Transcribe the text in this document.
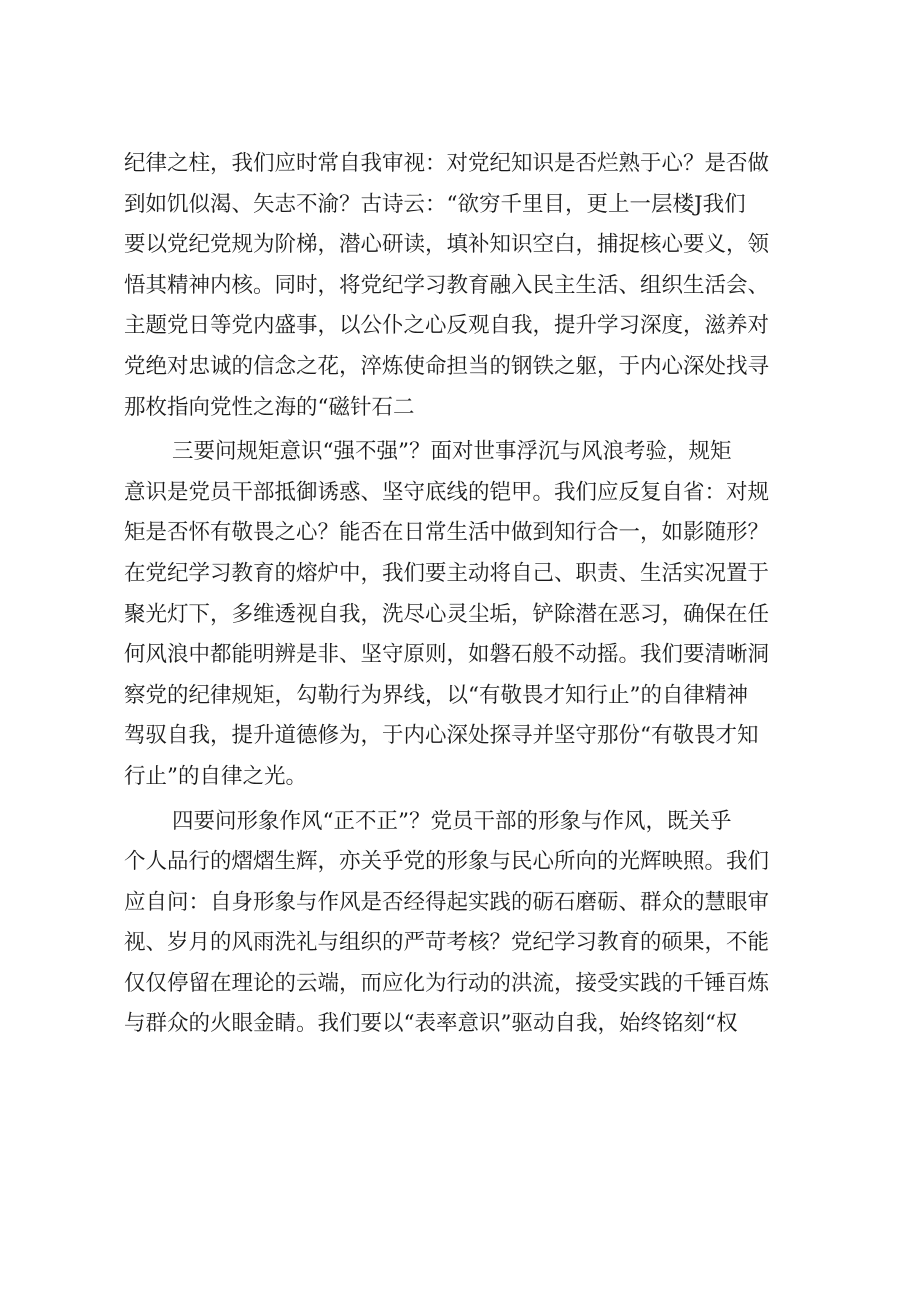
纪律之柱，我们应时常自我审视：对党纪知识是否烂熟于心？是否做
到如饥似渴、矢志不渝？古诗云：“欲穷千里目，更上一层楼J我们
要以党纪党规为阶梯，潜心研读，填补知识空白，捕捉核心要义，领
悟其精神内核。同时，将党纪学习教育融入民主生活、组织生活会、
主题党日等党内盛事，以公仆之心反观自我，提升学习深度，滋养对
党绝对忠诚的信念之花，淬炼使命担当的钢铁之躯，于内心深处找寻
那枚指向党性之海的“磁针石二
三要问规矩意识“强不强”？面对世事浮沉与风浪考验，规矩
意识是党员干部抵御诱惑、坚守底线的铠甲。我们应反复自省：对规
矩是否怀有敬畏之心？能否在日常生活中做到知行合一，如影随形？
在党纪学习教育的熔炉中，我们要主动将自己、职责、生活实况置于
聚光灯下，多维透视自我，洗尽心灵尘垢，铲除潜在恶习，确保在任
何风浪中都能明辨是非、坚守原则，如磐石般不动摇。我们要清晰洞
察党的纪律规矩，勾勒行为界线，以“有敬畏才知行止”的自律精神
驾驭自我，提升道德修为，于内心深处探寻并坚守那份“有敬畏才知
行止”的自律之光。
四要问形象作风“正不正”？党员干部的形象与作风，既关乎
个人品行的熠熠生辉，亦关乎党的形象与民心所向的光辉映照。我们
应自问：自身形象与作风是否经得起实践的砺石磨砺、群众的慧眼审
视、岁月的风雨洗礼与组织的严苛考核？党纪学习教育的硕果，不能
仅仅停留在理论的云端，而应化为行动的洪流，接受实践的千锤百炼
与群众的火眼金睛。我们要以“表率意识”驱动自我，始终铭刻“权
